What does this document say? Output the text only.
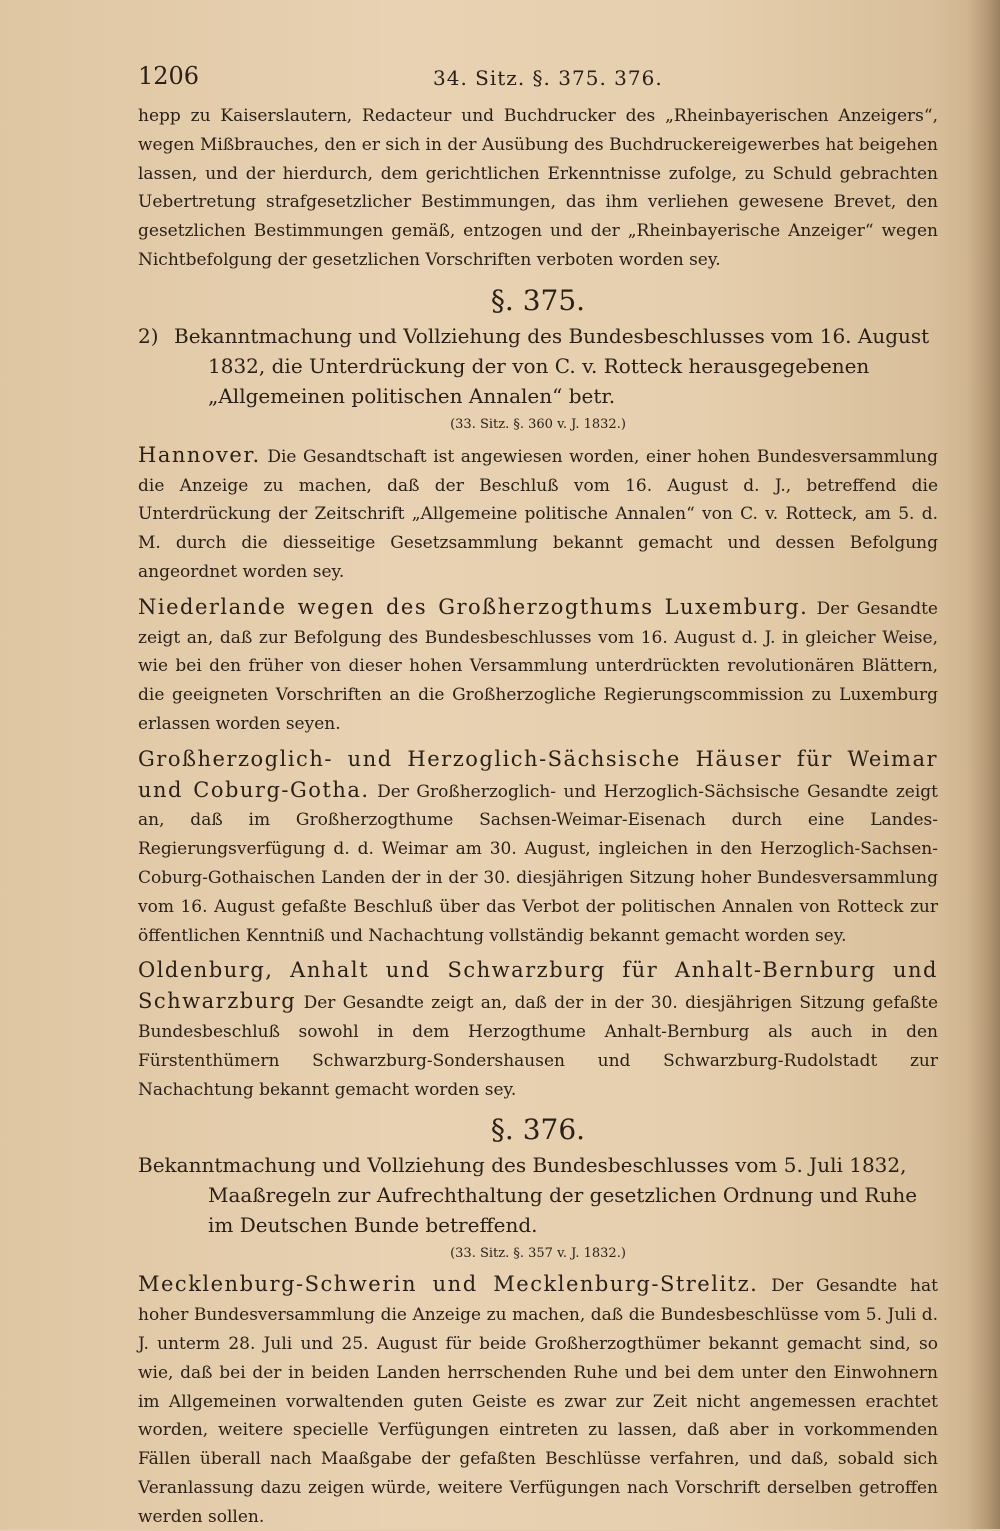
1206	34. Sitz. §. 375. 376.

hepp zu Kaiserslautern, Redacteur und Buchdrucker des „Rheinbayerischen Anzeigers“, wegen Mißbrauches, den er sich in der Ausübung des Buchdruckereigewerbes hat beigehen lassen, und der hierdurch, dem gerichtlichen Erkenntnisse zufolge, zu Schuld gebrachten Uebertretung strafgesetzlicher Bestimmungen, das ihm verliehen gewesene Brevet, den gesetzlichen Bestimmungen gemäß, entzogen und der „Rheinbayerische Anzeiger“ wegen Nichtbefolgung der gesetzlichen Vorschriften verboten worden sey.

§. 375.

2) Bekanntmachung und Vollziehung des Bundesbeschlusses vom 16. August 1832, die Unterdrückung der von C. v. Rotteck herausgegebenen „Allgemeinen politischen Annalen“ betr.

(33. Sitz. §. 360 v. J. 1832.)

Hannover. Die Gesandtschaft ist angewiesen worden, einer hohen Bundesversammlung die Anzeige zu machen, daß der Beschluß vom 16. August d. J., betreffend die Unterdrückung der Zeitschrift „Allgemeine politische Annalen“ von C. v. Rotteck, am 5. d. M. durch die diesseitige Gesetzsammlung bekannt gemacht und dessen Befolgung angeordnet worden sey.

Niederlande wegen des Großherzogthums Luxemburg. Der Gesandte zeigt an, daß zur Befolgung des Bundesbeschlusses vom 16. August d. J. in gleicher Weise, wie bei den früher von dieser hohen Versammlung unterdrückten revolutionären Blättern, die geeigneten Vorschriften an die Großherzogliche Regierungscommission zu Luxemburg erlassen worden seyen.

Großherzoglich- und Herzoglich-Sächsische Häuser für Weimar und Coburg-Gotha. Der Großherzoglich- und Herzoglich-Sächsische Gesandte zeigt an, daß im Großherzogthume Sachsen-Weimar-Eisenach durch eine Landes-Regierungsverfügung d. d. Weimar am 30. August, ingleichen in den Herzoglich-Sachsen-Coburg-Gothaischen Landen der in der 30. diesjährigen Sitzung hoher Bundesversammlung vom 16. August gefaßte Beschluß über das Verbot der politischen Annalen von Rotteck zur öffentlichen Kenntniß und Nachachtung vollständig bekannt gemacht worden sey.

Oldenburg, Anhalt und Schwarzburg für Anhalt-Bernburg und Schwarzburg Der Gesandte zeigt an, daß der in der 30. diesjährigen Sitzung gefaßte Bundesbeschluß sowohl in dem Herzogthume Anhalt-Bernburg als auch in den Fürstenthümern Schwarzburg-Sondershausen und Schwarzburg-Rudolstadt zur Nachachtung bekannt gemacht worden sey.

§. 376.

Bekanntmachung und Vollziehung des Bundesbeschlusses vom 5. Juli 1832, Maaßregeln zur Aufrechthaltung der gesetzlichen Ordnung und Ruhe im Deutschen Bunde betreffend.

(33. Sitz. §. 357 v. J. 1832.)

Mecklenburg-Schwerin und Mecklenburg-Strelitz. Der Gesandte hat hoher Bundesversammlung die Anzeige zu machen, daß die Bundesbeschlüsse vom 5. Juli d. J. unterm 28. Juli und 25. August für beide Großherzogthümer bekannt gemacht sind, so wie, daß bei der in beiden Landen herrschenden Ruhe und bei dem unter den Einwohnern im Allgemeinen vorwaltenden guten Geiste es zwar zur Zeit nicht angemessen erachtet worden, weitere specielle Verfügungen eintreten zu lassen, daß aber in vorkommenden Fällen überall nach Maaßgabe der gefaßten Beschlüsse verfahren, und daß, sobald sich Veranlassung dazu zeigen würde, weitere Verfügungen nach Vorschrift derselben getroffen werden sollen.
